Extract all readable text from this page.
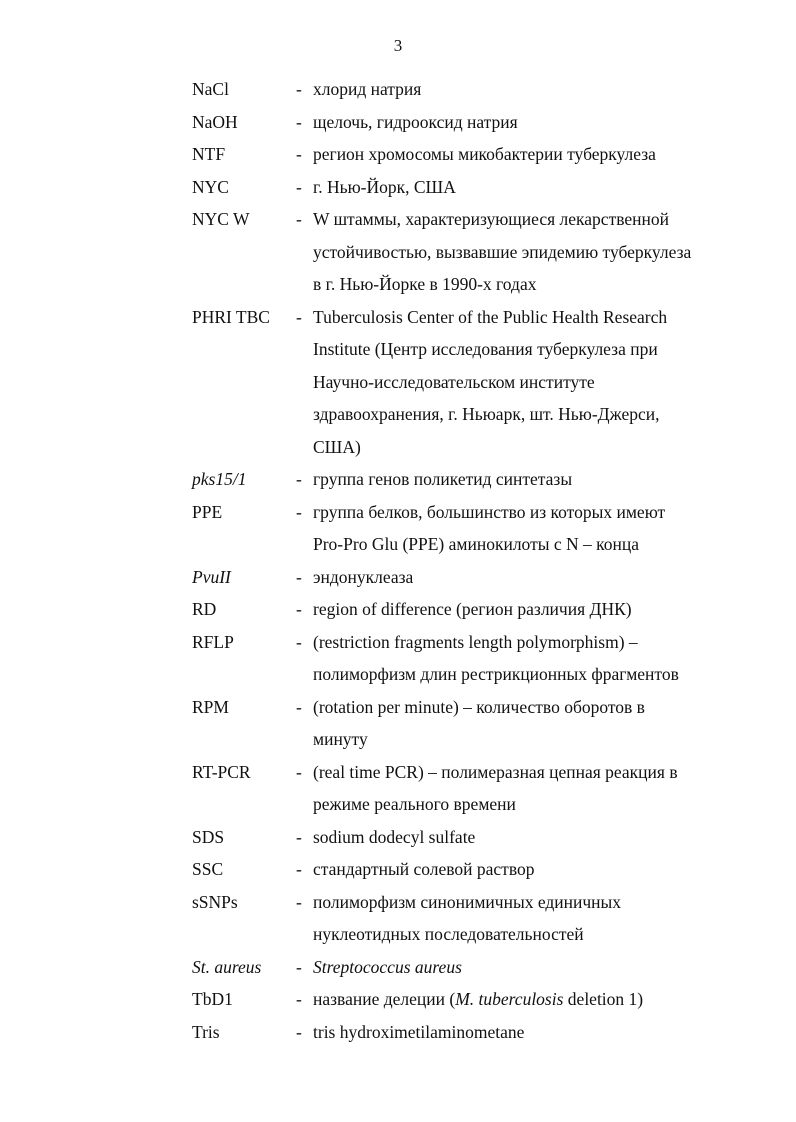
3
NaCl	- хлорид натрия
NaOH	- щелочь, гидрооксид натрия
NTF	- регион хромосомы микобактерии туберкулеза
NYC	- г. Нью-Йорк, США
NYC W	- W штаммы, характеризующиеся лекарственной
устойчивостью, вызвавшие эпидемию туберкулеза
в г. Нью-Йорке в 1990-х годах
PHRI TBC - Tuberculosis Center of the Public Health Research
Institute (Центр исследования туберкулеза при
Научно-исследовательском институте
здравоохранения, г. Ньюарк, шт. Нью-Джерси,
США)
pks15/1	- группа генов поликетид синтетазы
PPE	- группа белков, большинство из которых имеют
Pro-Pro Glu (PPE) аминокилоты с N – конца
PvuII	- эндонуклеаза
RD	- region of difference (регион различия ДНК)
RFLP	- (restriction fragments length polymorphism) –
полиморфизм длин рестрикционных фрагментов
RPM	- (rotation per minute) – количество оборотов в
минуту
RT-PCR	- (real time PCR) – полимеразная цепная реакция в
режиме реального времени
SDS	- sodium dodecyl sulfate
SSC	- стандартный солевой раствор
sSNPs	- полиморфизм синонимичных единичных
нуклеотидных последовательностей
St. aureus - Streptococcus aureus
TbD1	- название делеции (M. tuberculosis deletion 1)
Tris	- tris hydroximetilaminometane
